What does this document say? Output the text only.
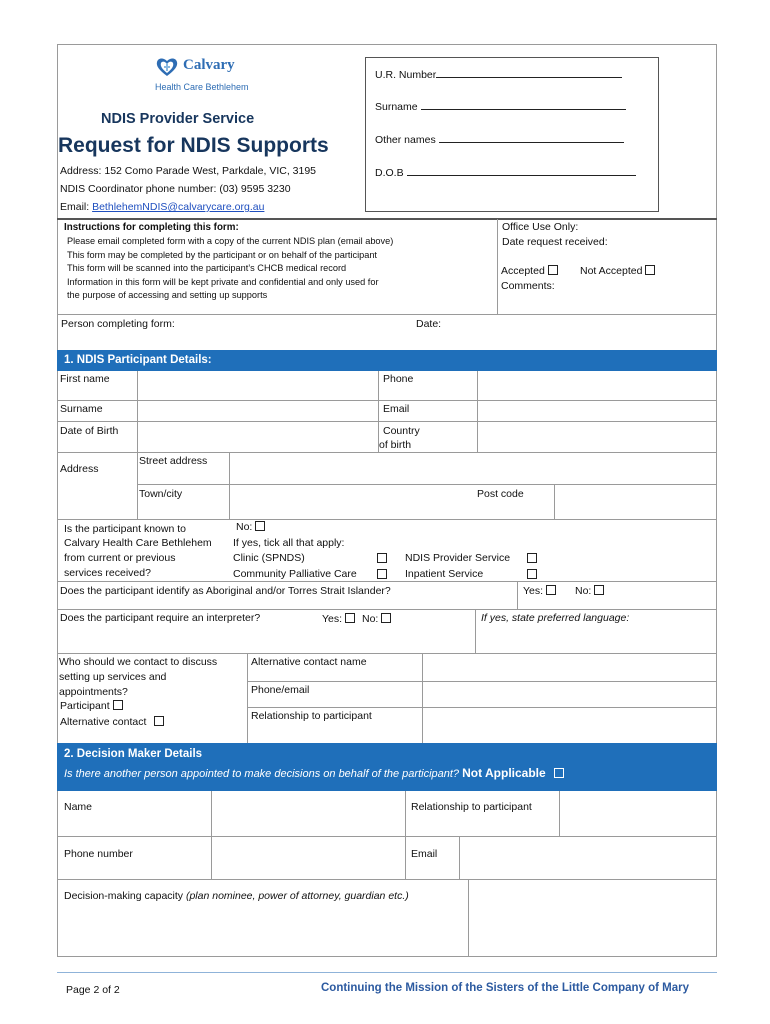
Calvary
Health Care Bethlehem
NDIS Provider Service
Request for NDIS Supports
Address: 152 Como Parade West, Parkdale, VIC, 3195
NDIS Coordinator phone number: (03) 9595 3230
Email: BethlehemNDIS@calvarycare.org.au
U.R. Number
Surname
Other names
D.O.B
Instructions for completing this form:
Please email completed form with a copy of the current NDIS plan (email above)
This form may be completed by the participant or on behalf of the participant
This form will be scanned into the participant’s CHCB medical record
Information in this form will be kept private and confidential and only used for
the purpose of accessing and setting up supports
Office Use Only:
Date request received:
Accepted	Not Accepted
Comments:
Person completing form:	Date:
1. NDIS Participant Details:
First name	Phone
Surname	Email
Date of Birth	Country
of birth
Address
Street address
Town/city	Post code
Is the participant known to
Calvary Health Care Bethlehem
from current or previous
services received?
No:
If yes, tick all that apply:
Clinic (SPNDS)	NDIS Provider Service
Community Palliative Care	Inpatient Service
Does the participant identify as Aboriginal and/or Torres Strait Islander?	Yes:	No:
Does the participant require an interpreter?	Yes:	No:	If yes, state preferred language:
Who should we contact to discuss
setting up services and
appointments?
Participant
Alternative contact
Alternative contact name
Phone/email
Relationship to participant
2. Decision Maker Details
Is there another person appointed to make decisions on behalf of the participant? Not Applicable
Name	Relationship to participant
Phone number	Email
Decision-making capacity (plan nominee, power of attorney, guardian etc.)
Page 2 of 2	Continuing the Mission of the Sisters of the Little Company of Mary
